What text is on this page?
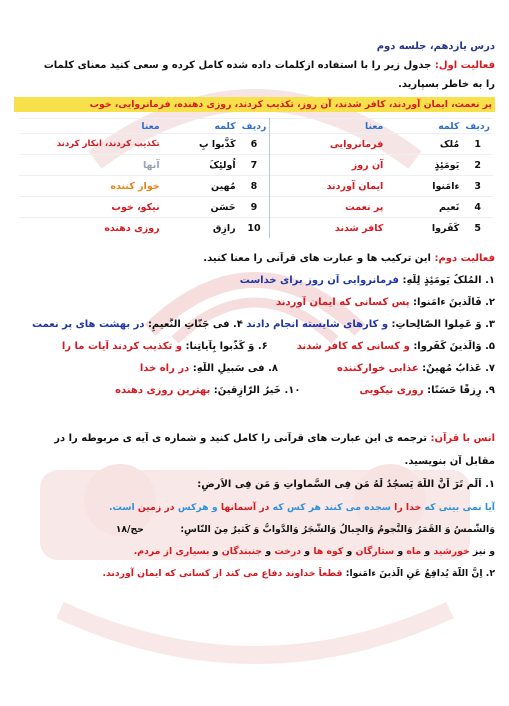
درس یازدهم، جلسه دوم
فعالیت اول: جدول زیر را با استفاده ازکلمات داده شده کامل کرده و سعی کنید معنای کلمات
را به خاطر بسپارید.
پر نعمت، ایمان آوردند، کافر شدند، آن روز، تکذیب کردند، روزی دهنده، فرمانروایی، خوب
ردیف	کلمه	معنا	ردیف	کلمه	معنا
1	مُلک	فرمانروایی	6	کَذَّبوا بِ	تکذیب کردند، انکار کردند
2	یَومَئِذٍ	آن روز	7	اُولئِکَ	آنها
3	ءامَنوا	ایمان آوردند	8	مُهین	خوار کننده
4	نَعیم	پر نعمت	9	حَسَن	نیکو، خوب
5	کَفَروا	کافر شدند	10	رازِق	روزی دهنده
فعالیت دوم: این ترکیب ها و عبارت های قرآنی را معنا کنید.
۱. المُلکُ یَومَئِذٍ لِلّهِ: فرمانروایی آن روز برای خداست
۲. فَالَّذینَ ءامَنوا: پس کسانی که ایمان آوردند
۳. وَ عَمِلوا الصّالِحاتِ: و کارهای شایسته انجام دادند ۴. فی جَنّاتِ النَّعیمِ: در بهشت های پر نعمت
۵. وَالَّذینَ کَفَروا: و کسانی که کافر شدند  ۶. وَ کَذَّبوا بِآیاتِنا: و تکذیب کردند آیات ما را
۷. عَذابٌ مُهینٌ: عذابی خوارکننده  ۸. فی سَبیلِ اللّهِ: در راه خدا
۹. رِزقًا حَسَنًا: روزی نیکویی  ۱۰. خَیرُ الرّازِقینَ: بهترین روزی دهنده
انس با قرآن: ترجمه ی این عبارت های قرآنی را کامل کنید و شماره ی آیه ی مربوطه را در
مقابل آن بنویسید.
۱. اَلَم تَرَ اَنَّ اللّهَ یَسجُدُ لَهُ مَن فِی السَّماواتِ وَ مَن فِی الاَرضِ:
آیا نمی بینی که خدا را سجده می کنند هر کس که در آسمانها و هرکس در زمین است.
وَالشَّمسُ وَ القَمَرُ وَالنُّجومُ وَالجِبالُ وَالشَّجَرُ وَالدَّوابُّ وَ کَثیرٌ مِنَ النّاسِ:  حج/۱۸
و نیز خورشید و ماه و ستارگان و کوه ها و درخت و جنبندگان و بسیاری از مردم.
۲. اِنَّ اللّهَ یُدافِعُ عَنِ الَّذینَ ءامَنوا: قطعاً خداوند دفاع می کند از کسانی که ایمان آوردند.
